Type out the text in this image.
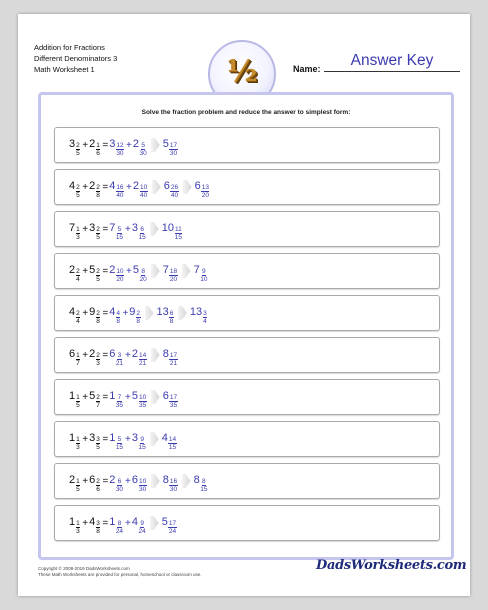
Addition for Fractions
Different Denominators 3
Math Worksheet 1	½	Name:	Answer Key
Solve the fraction problem and reduce the answer to simplest form:
$3 \frac{2}{5} + 2 \frac{1}{6} = 3 \frac{12}{30} + 2 \frac{5}{30} 5 \frac{17}{30}$
$4 \frac{2}{5} + 2 \frac{2}{8} = 4 \frac{16}{40} + 2 \frac{10}{40} 6 \frac{26}{40} 6 \frac{13}{20}$
$7 \frac{1}{3} + 3 \frac{2}{5} = 7 \frac{5}{15} + 3 \frac{6}{15} 10 \frac{11}{15}$
$2 \frac{2}{4} + 5 \frac{2}{5} = 2 \frac{10}{20} + 5 \frac{8}{20} 7 \frac{18}{20} 7 \frac{9}{10}$
$4 \frac{2}{4} + 9 \frac{2}{8} = 4 \frac{4}{8} + 9 \frac{2}{8} 13 \frac{6}{8} 13 \frac{3}{4}$
$6 \frac{1}{7} + 2 \frac{2}{3} = 6 \frac{3}{21} + 2 \frac{14}{21} 8 \frac{17}{21}$
$1 \frac{1}{5} + 5 \frac{2}{7} = 1 \frac{7}{35} + 5 \frac{10}{35} 6 \frac{17}{35}$
$1 \frac{1}{3} + 3 \frac{3}{5} = 1 \frac{5}{15} + 3 \frac{9}{15} 4 \frac{14}{15}$
$2 \frac{1}{5} + 6 \frac{2}{6} = 2 \frac{6}{30} + 6 \frac{10}{30} 8 \frac{16}{30} 8 \frac{8}{15}$
$1 \frac{1}{3} + 4 \frac{3}{8} = 1 \frac{8}{24} + 4 \frac{9}{24} 5 \frac{17}{24}$
Copyright © 2008-2019 DadsWorksheets.com
These Math Worksheets are provided for personal, homeschool or classroom use.
DadsWorksheets.com
